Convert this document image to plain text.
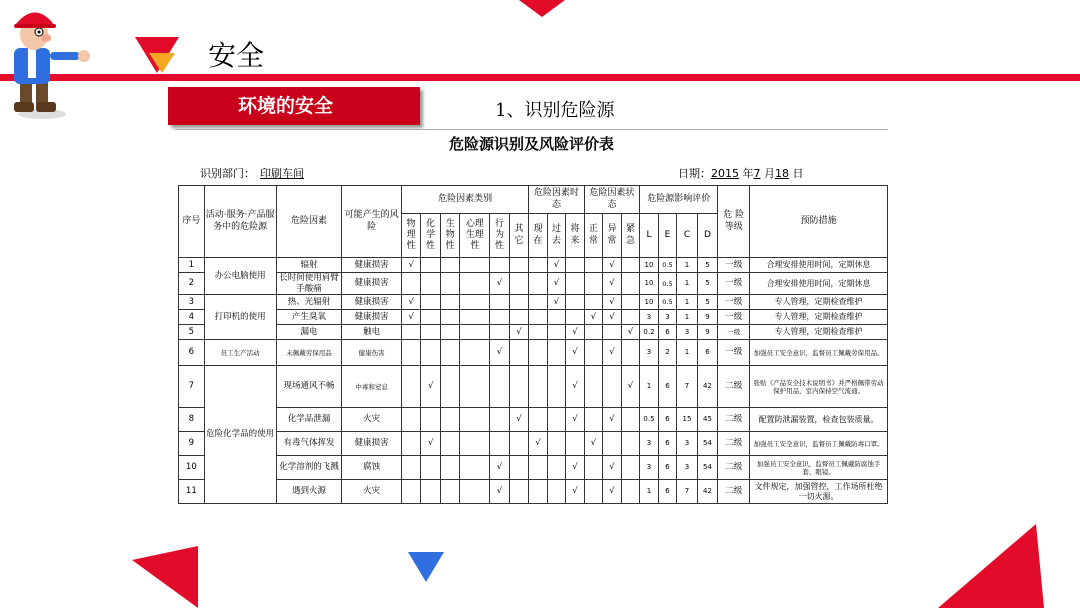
安全
环境的安全	1、识别危险源
危险源识别及风险评价表
识别部门： 印刷车间	日期：2015 年7 月18 日
序号	活动·服务·产品服务中的危险源	危险因素	可能产生的风险	危险因素类别						危险因素时态			危险因素状态			危险源影响评价				危 险等级	预防措施
				物理性	化学性	生物性	心理生理性	行为性	其它	现在	过去	将来	正常	异常	紧急	L	E	C	D		
1	办公电脑使用	辐射	健康损害	√							√			√		10	0.5	1	5	一级	合理安排使用时间，定期休息
2		长时间使用肩臂手酸痛	健康损害					√			√			√		10	0.5	1	5	一级	合理安排使用时间，定期休息
3	打印机的使用	热、光辐射	健康损害	√							√			√		10	0.5	1	5	一级	专人管理，定期检查维护
4		产生臭氧	健康损害	√									√	√		3	3	1	9	一级	专人管理，定期检查维护
5		漏电	触电						√			√			√	0.2	6	3	9	一级	专人管理，定期检查维护
6	员工生产活动	未佩戴劳保用品	健康伤害					√				√		√		3	2	1	6	一级	加强员工安全意识，监督员工佩戴劳保用品。
7	危险化学品的使用	现场通风不畅	中毒和窒息		√							√			√	1	6	7	42	二级	张贴《产品安全技术说明书》并严格佩带劳动保护用品，室内保持空气流通。
8		化学品泄漏	火灾						√			√		√		0.5	6	15	45	二级	配置防泄漏装置，检查包装质量。
9		有毒气体挥发	健康损害		√					√			√			3	6	3	54	二级	加强员工安全意识，监督员工佩戴防毒口罩。
10		化学溶剂的飞溅	腐蚀					√				√		√		3	6	3	54	二级	加强员工安全意识，监督员工佩戴防腐蚀手套、眼镜。
11		遇到火源	火灾					√				√		√		1	6	7	42	二级	文件规定，加强管控，工作场所杜绝一切火源。
